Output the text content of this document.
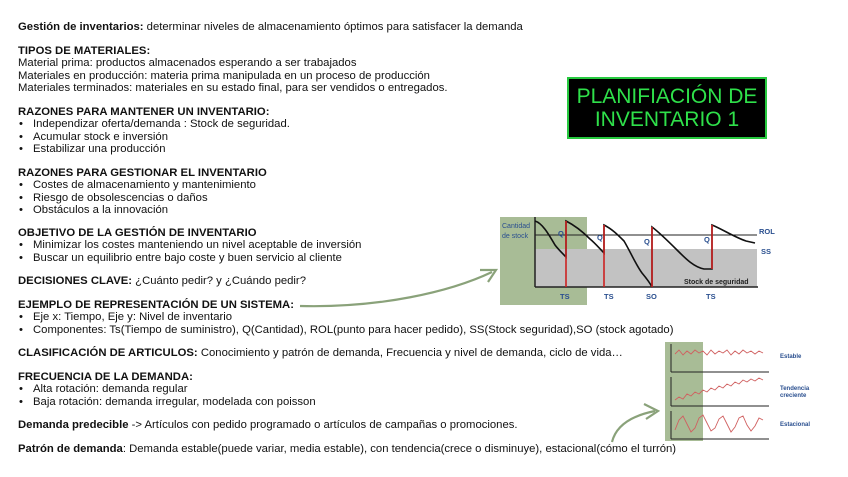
Gestión de inventarios: determinar niveles de almacenamiento óptimos para satisfacer la demanda
TIPOS DE MATERIALES:
Material prima: productos almacenados esperando a ser trabajados
Materiales en producción: materia prima manipulada en un proceso de producción
Materiales terminados: materiales en su estado final, para ser vendidos o entregados.
RAZONES PARA MANTENER UN INVENTARIO:
• Independizar oferta/demanda : Stock de seguridad.
• Acumular stock e inversión
• Estabilizar una producción
RAZONES PARA GESTIONAR EL INVENTARIO
• Costes de almacenamiento y mantenimiento
• Riesgo de obsolescencias o daños
• Obstáculos a la innovación
OBJETIVO DE LA GESTIÓN DE INVENTARIO
• Minimizar los costes manteniendo un nivel aceptable de inversión
• Buscar un equilibrio entre bajo coste y buen servicio al cliente
DECISIONES CLAVE: ¿Cuánto pedir? y ¿Cuándo pedir?
EJEMPLO DE REPRESENTACIÓN DE UN SISTEMA:
• Eje x: Tiempo, Eje y: Nivel de inventario
• Componentes: Ts(Tiempo de suministro), Q(Cantidad), ROL(punto para hacer pedido), SS(Stock seguridad),SO (stock agotado)
CLASIFICACIÓN DE ARTICULOS: Conocimiento y patrón de demanda, Frecuencia y nivel de demanda, ciclo de vida…
FRECUENCIA DE LA DEMANDA:
• Alta rotación: demanda regular
• Baja rotación: demanda irregular, modelada con poisson
Demanda predecible -> Artículos con pedido programado o artículos de campañas o promociones.
Patrón de demanda: Demanda estable(puede variar, media estable), con tendencia(crece o disminuye), estacional(cómo el turrón)
PLANIFIACIÓN DE
INVENTARIO 1
Cantidad
de stock	Q	Q	Q	Q
ROL
SS
Stock de seguridad
TS	TS	SO	TS
Estable
Tendencia creciente
Estacional
